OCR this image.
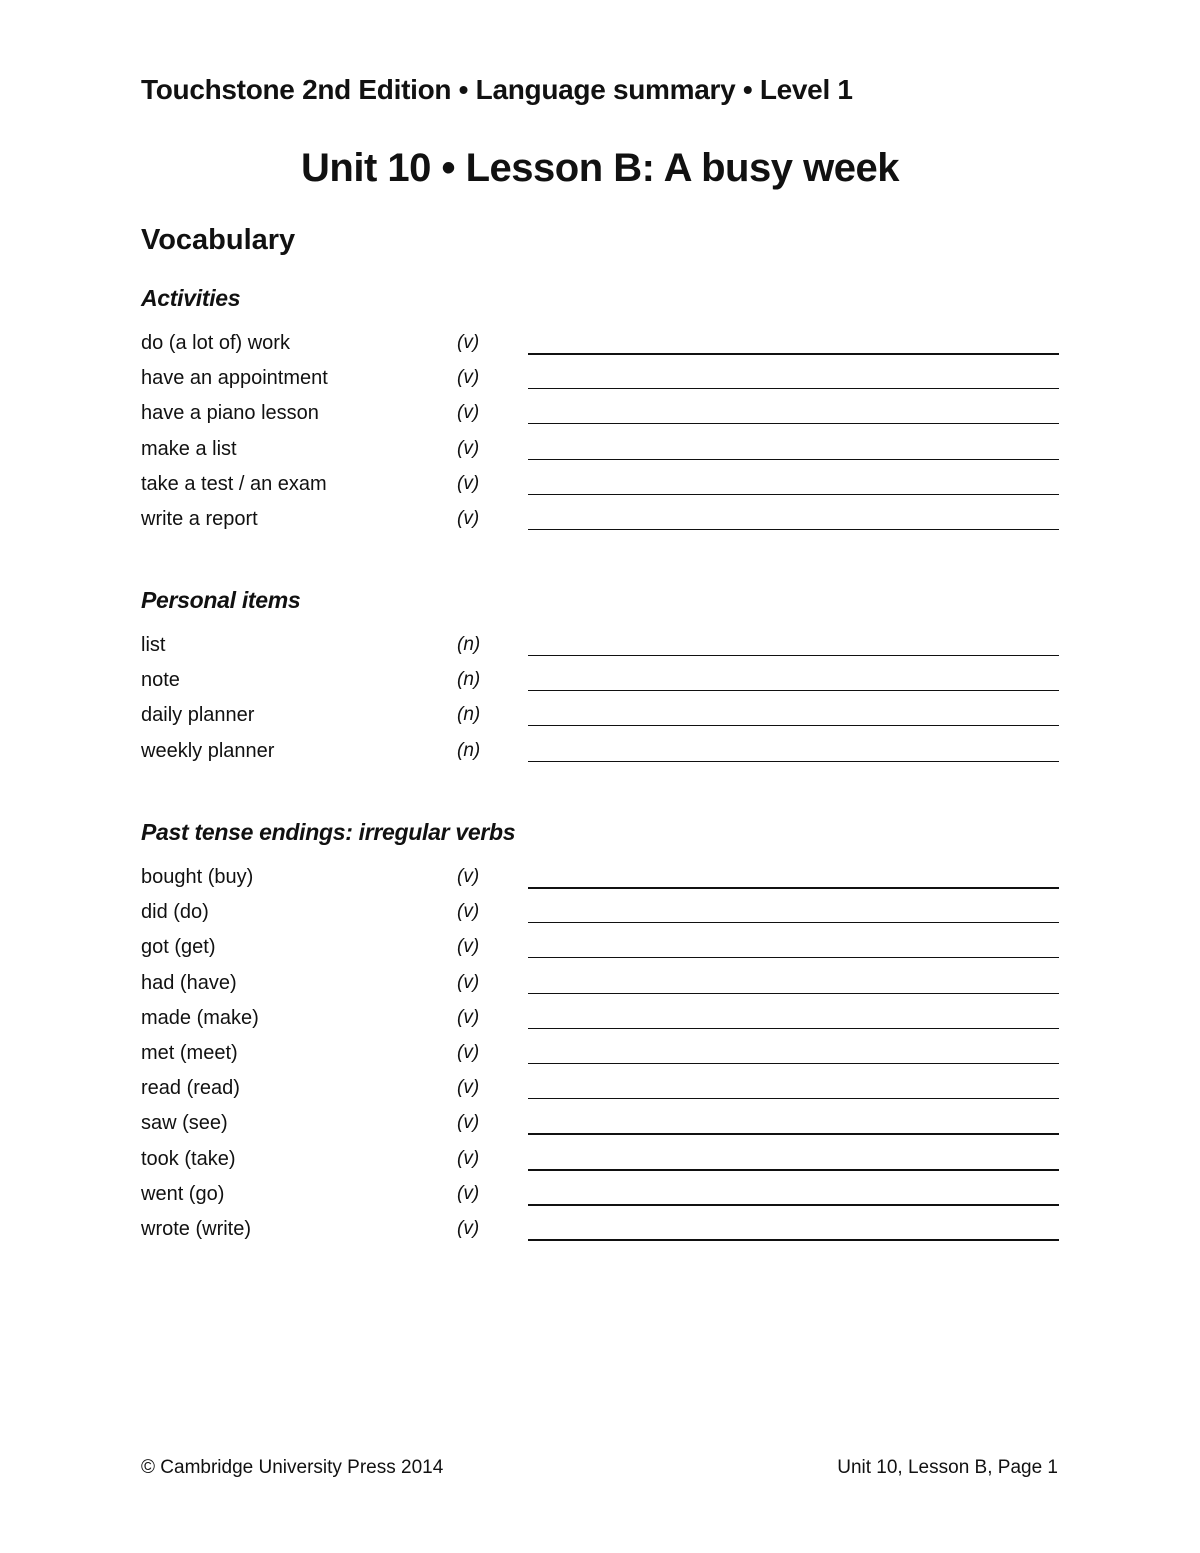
Touchstone 2nd Edition • Language summary • Level 1
Unit 10 • Lesson B: A busy week
Vocabulary
Activities
do (a lot of) work	(v)
have an appointment	(v)
have a piano lesson	(v)
make a list	(v)
take a test / an exam	(v)
write a report	(v)
Personal items
list	(n)
note	(n)
daily planner	(n)
weekly planner	(n)
Past tense endings: irregular verbs
bought (buy)	(v)
did (do)	(v)
got (get)	(v)
had (have)	(v)
made (make)	(v)
met (meet)	(v)
read (read)	(v)
saw (see)	(v)
took (take)	(v)
went (go)	(v)
wrote (write)	(v)
© Cambridge University Press 2014	Unit 10, Lesson B, Page 1
